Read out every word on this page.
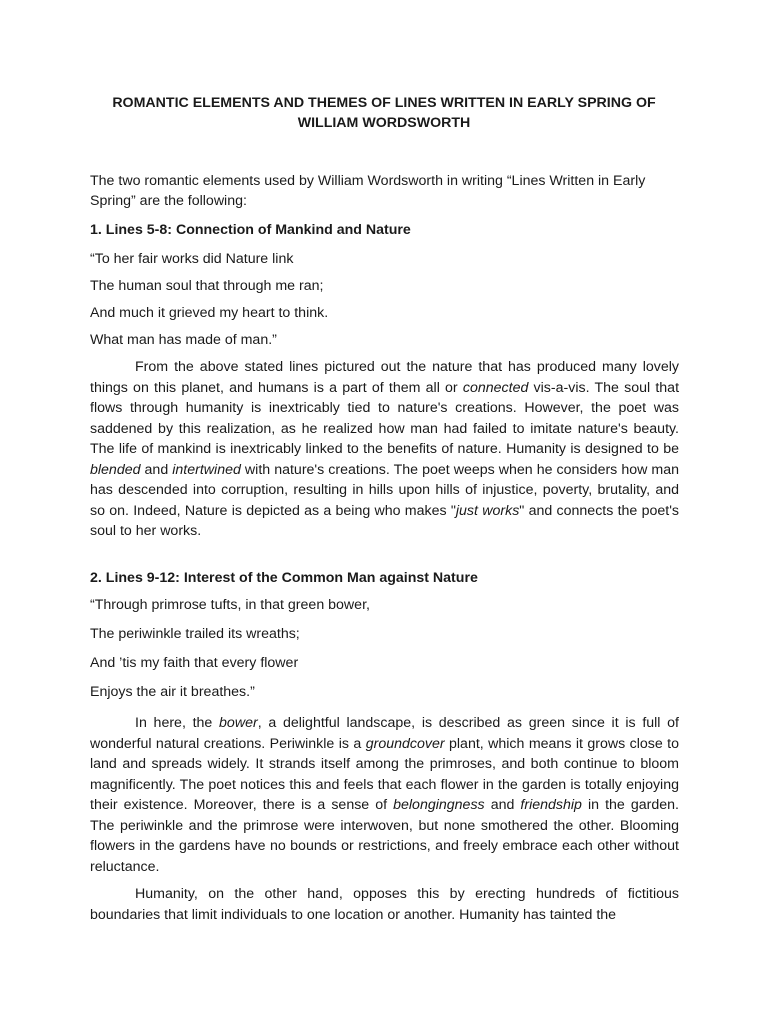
ROMANTIC ELEMENTS AND THEMES OF LINES WRITTEN IN EARLY SPRING OF
WILLIAM WORDSWORTH
The two romantic elements used by William Wordsworth in writing “Lines Written in Early
Spring” are the following:
1. Lines 5-8: Connection of Mankind and Nature
“To her fair works did Nature link
The human soul that through me ran;
And much it grieved my heart to think.
What man has made of man.”
From the above stated lines pictured out the nature that has produced many lovely things on this planet, and humans is a part of them all or connected vis-a-vis. The soul that flows through humanity is inextricably tied to nature's creations. However, the poet was saddened by this realization, as he realized how man had failed to imitate nature's beauty. The life of mankind is inextricably linked to the benefits of nature. Humanity is designed to be blended and intertwined with nature's creations. The poet weeps when he considers how man has descended into corruption, resulting in hills upon hills of injustice, poverty, brutality, and so on. Indeed, Nature is depicted as a being who makes "just works" and connects the poet's soul to her works.
2. Lines 9-12: Interest of the Common Man against Nature
“Through primrose tufts, in that green bower,
The periwinkle trailed its wreaths;
And ’tis my faith that every flower
Enjoys the air it breathes.”
In here, the bower, a delightful landscape, is described as green since it is full of wonderful natural creations. Periwinkle is a groundcover plant, which means it grows close to land and spreads widely. It strands itself among the primroses, and both continue to bloom magnificently. The poet notices this and feels that each flower in the garden is totally enjoying their existence. Moreover, there is a sense of belongingness and friendship in the garden. The periwinkle and the primrose were interwoven, but none smothered the other. Blooming flowers in the gardens have no bounds or restrictions, and freely embrace each other without reluctance.
Humanity, on the other hand, opposes this by erecting hundreds of fictitious boundaries that limit individuals to one location or another. Humanity has tainted the
